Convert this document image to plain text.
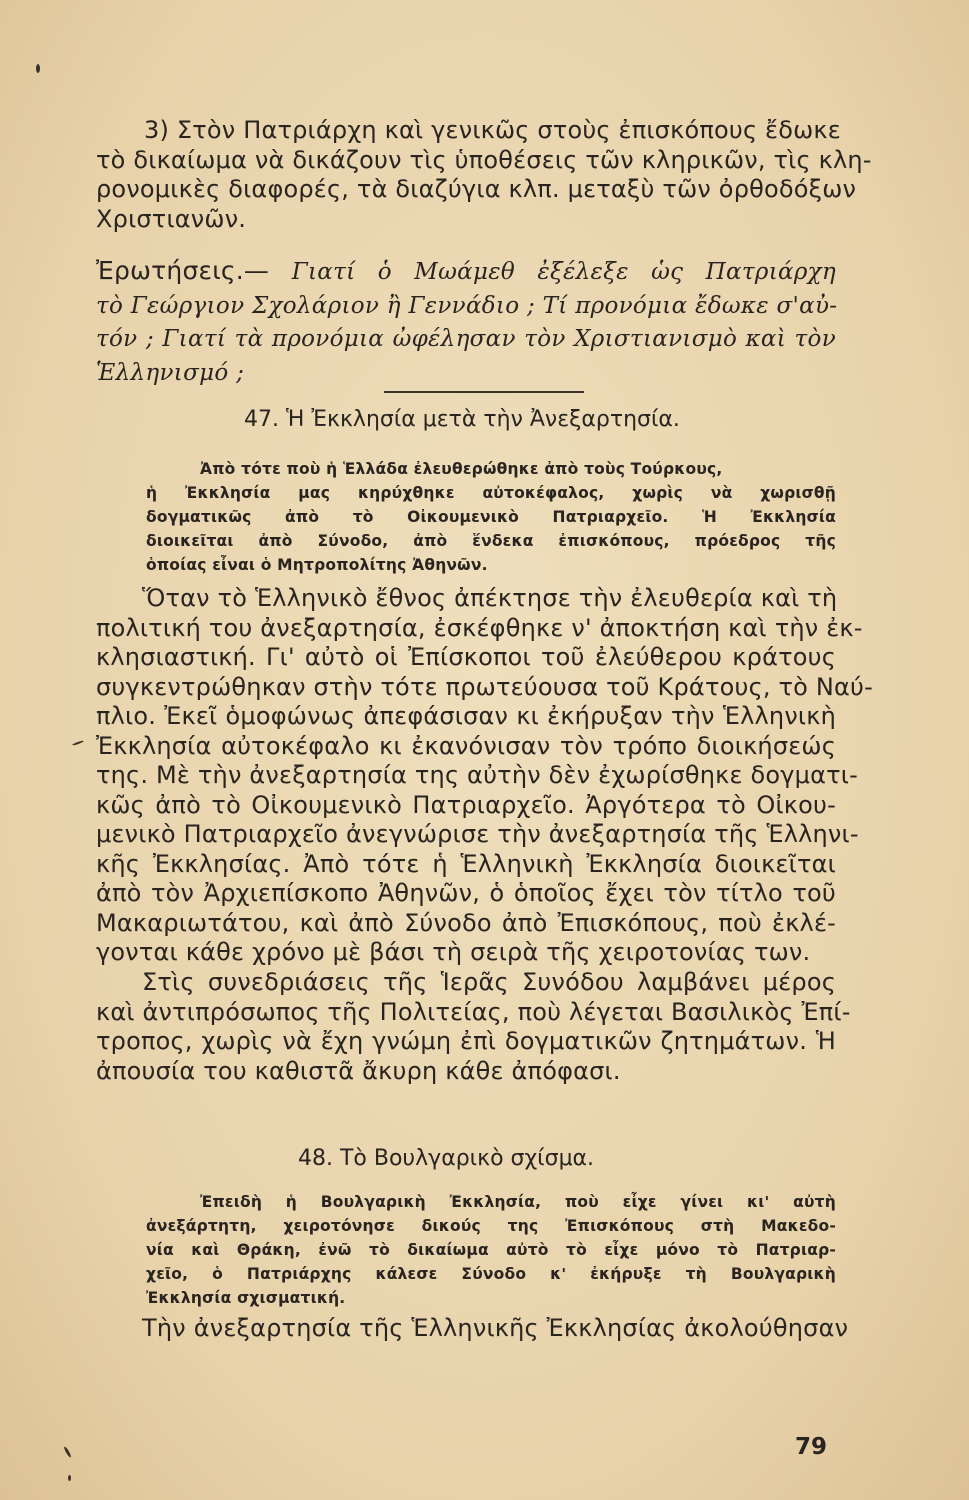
3) Στὸν Πατριάρχη καὶ γενικῶς στοὺς ἐπισκόπους ἔδωκε
τὸ δικαίωμα νὰ δικάζουν τὶς ὑποθέσεις τῶν κληρικῶν, τὶς κλη-
ρονομικὲς διαφορές, τὰ διαζύγια κλπ. μεταξὺ τῶν ὀρθοδόξων
Χριστιανῶν.
Ἐρωτήσεις.— Γιατί ὁ Μωάμεθ ἐξέλεξε ὡς Πατριάρχη
τὸ Γεώργιον Σχολάριον ἢ Γεννάδιο ; Τί προνόμια ἔδωκε σ'αὐ-
τόν ; Γιατί τὰ προνόμια ὠφέλησαν τὸν Χριστιανισμὸ καὶ τὸν
Ἑλληνισμό ;
47. Ἡ Ἐκκλησία μετὰ τὴν Ἀνεξαρτησία.
Ἀπὸ τότε ποὺ ἡ Ἑλλάδα ἐλευθερώθηκε ἀπὸ τοὺς Τούρκους,
ἡ Ἐκκλησία μας κηρύχθηκε αὐτοκέφαλος, χωρὶς νὰ χωρισθῇ
δογματικῶς ἀπὸ τὸ Οἰκουμενικὸ Πατριαρχεῖο. Ἡ Ἐκκλησία
διοικεῖται ἀπὸ Σύνοδο, ἀπὸ ἕνδεκα ἐπισκόπους, πρόεδρος τῆς
ὁποίας εἶναι ὁ Μητροπολίτης Ἀθηνῶν.
Ὅταν τὸ Ἑλληνικὸ ἔθνος ἀπέκτησε τὴν ἐλευθερία καὶ τὴ
πολιτική του ἀνεξαρτησία, ἐσκέφθηκε ν' ἀποκτήση καὶ τὴν ἐκ-
κλησιαστική. Γι' αὐτὸ οἱ Ἐπίσκοποι τοῦ ἐλεύθερου κράτους
συγκεντρώθηκαν στὴν τότε πρωτεύουσα τοῦ Κράτους, τὸ Ναύ-
πλιο. Ἐκεῖ ὁμοφώνως ἀπεφάσισαν κι ἐκήρυξαν τὴν Ἑλληνικὴ
Ἐκκλησία αὐτοκέφαλο κι ἐκανόνισαν τὸν τρόπο διοικήσεώς
της. Μὲ τὴν ἀνεξαρτησία της αὐτὴν δὲν ἐχωρίσθηκε δογματι-
κῶς ἀπὸ τὸ Οἰκουμενικὸ Πατριαρχεῖο. Ἀργότερα τὸ Οἰκου-
μενικὸ Πατριαρχεῖο ἀνεγνώρισε τὴν ἀνεξαρτησία τῆς Ἑλληνι-
κῆς Ἐκκλησίας. Ἀπὸ τότε ἡ Ἑλληνικὴ Ἐκκλησία διοικεῖται
ἀπὸ τὸν Ἀρχιεπίσκοπο Ἀθηνῶν, ὁ ὁποῖος ἔχει τὸν τίτλο τοῦ
Μακαριωτάτου, καὶ ἀπὸ Σύνοδο ἀπὸ Ἐπισκόπους, ποὺ ἐκλέ-
γονται κάθε χρόνο μὲ βάσι τὴ σειρὰ τῆς χειροτονίας των.
Στὶς συνεδριάσεις τῆς Ἱερᾶς Συνόδου λαμβάνει μέρος
καὶ ἀντιπρόσωπος τῆς Πολιτείας, ποὺ λέγεται Βασιλικὸς Ἐπί-
τροπος, χωρὶς νὰ ἔχη γνώμη ἐπὶ δογματικῶν ζητημάτων. Ἡ
ἀπουσία του καθιστᾶ ἄκυρη κάθε ἀπόφασι.
48. Τὸ Βουλγαρικὸ σχίσμα.
Ἐπειδὴ ἡ Βουλγαρικὴ Ἐκκλησία, ποὺ εἶχε γίνει κι' αὐτὴ
ἀνεξάρτητη, χειροτόνησε δικούς της Ἐπισκόπους στὴ Μακεδο-
νία καὶ Θράκη, ἐνῶ τὸ δικαίωμα αὐτὸ τὸ εἶχε μόνο τὸ Πατριαρ-
χεῖο, ὁ Πατριάρχης κάλεσε Σύνοδο κ' ἐκήρυξε τὴ Βουλγαρικὴ
Ἐκκλησία σχισματική.
Τὴν ἀνεξαρτησία τῆς Ἑλληνικῆς Ἐκκλησίας ἀκολούθησαν
79
